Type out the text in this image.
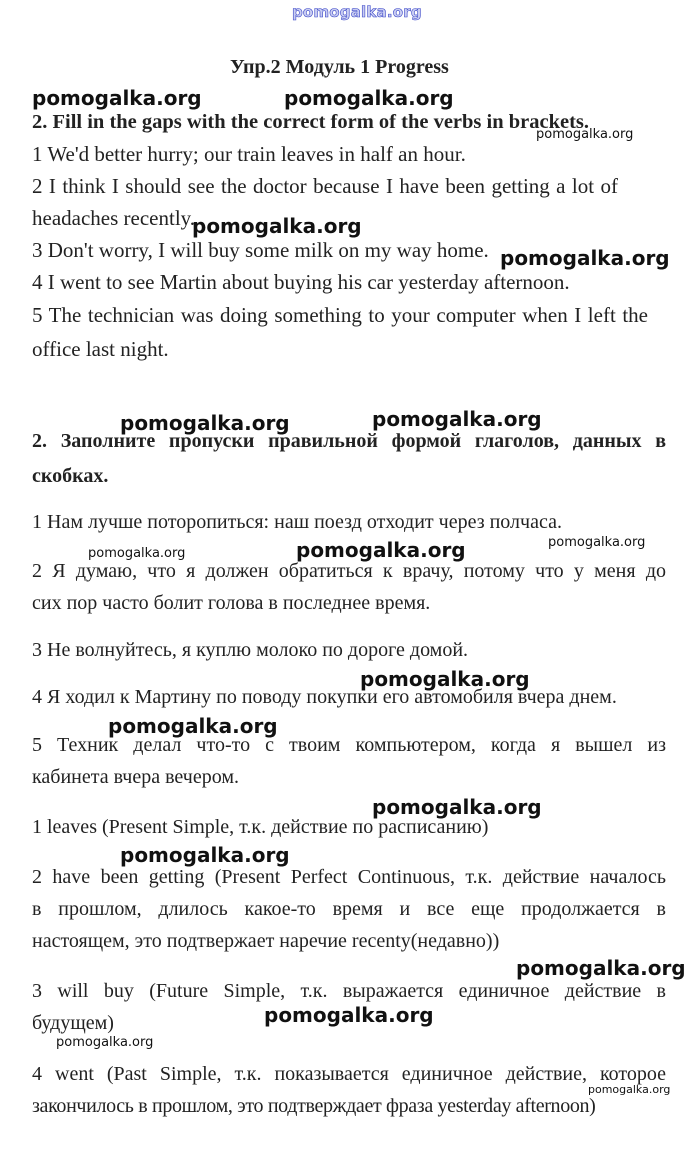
pomogalka.org
Упр.2 Модуль 1 Progress
2. Fill in the gaps with the correct form of the verbs in brackets.
1 We'd better hurry; our train leaves in half an hour.
2 I think I should see the doctor because I have been getting a lot of
headaches recently.
3 Don't worry, I will buy some milk on my way home.
4 I went to see Martin about buying his car yesterday afternoon.
5 The technician was doing something to your computer when I left the
office last night.
2. Заполните пропуски правильной формой глаголов, данных в
скобках.
1 Нам лучше поторопиться: наш поезд отходит через полчаса.
2 Я думаю, что я должен обратиться к врачу, потому что у меня до
сих пор часто болит голова в последнее время.
3 Не волнуйтесь, я куплю молоко по дороге домой.
4 Я ходил к Мартину по поводу покупки его автомобиля вчера днем.
5 Техник делал что-то с твоим компьютером, когда я вышел из
кабинета вчера вечером.
1 leaves (Present Simple, т.к. действие по расписанию)
2 have been getting (Present Perfect Continuous, т.к. действие началось
в прошлом, длилось какое-то время и все еще продолжается в
настоящем, это подтвержает наречие recenty(недавно))
3 will buy (Future Simple, т.к. выражается единичное действие в
будущем)
4 went (Past Simple, т.к. показывается единичное действие, которое
закончилось в прошлом, это подтверждает фраза yesterday afternoon)
pomogalka.org	pomogalka.org
pomogalka.org
pomogalka.org
pomogalka.org
pomogalka.org	pomogalka.org
pomogalka.org	pomogalka.org	pomogalka.org
pomogalka.org
pomogalka.org
pomogalka.org
pomogalka.org
pomogalka.org
pomogalka.org
pomogalka.org
pomogalka.org
